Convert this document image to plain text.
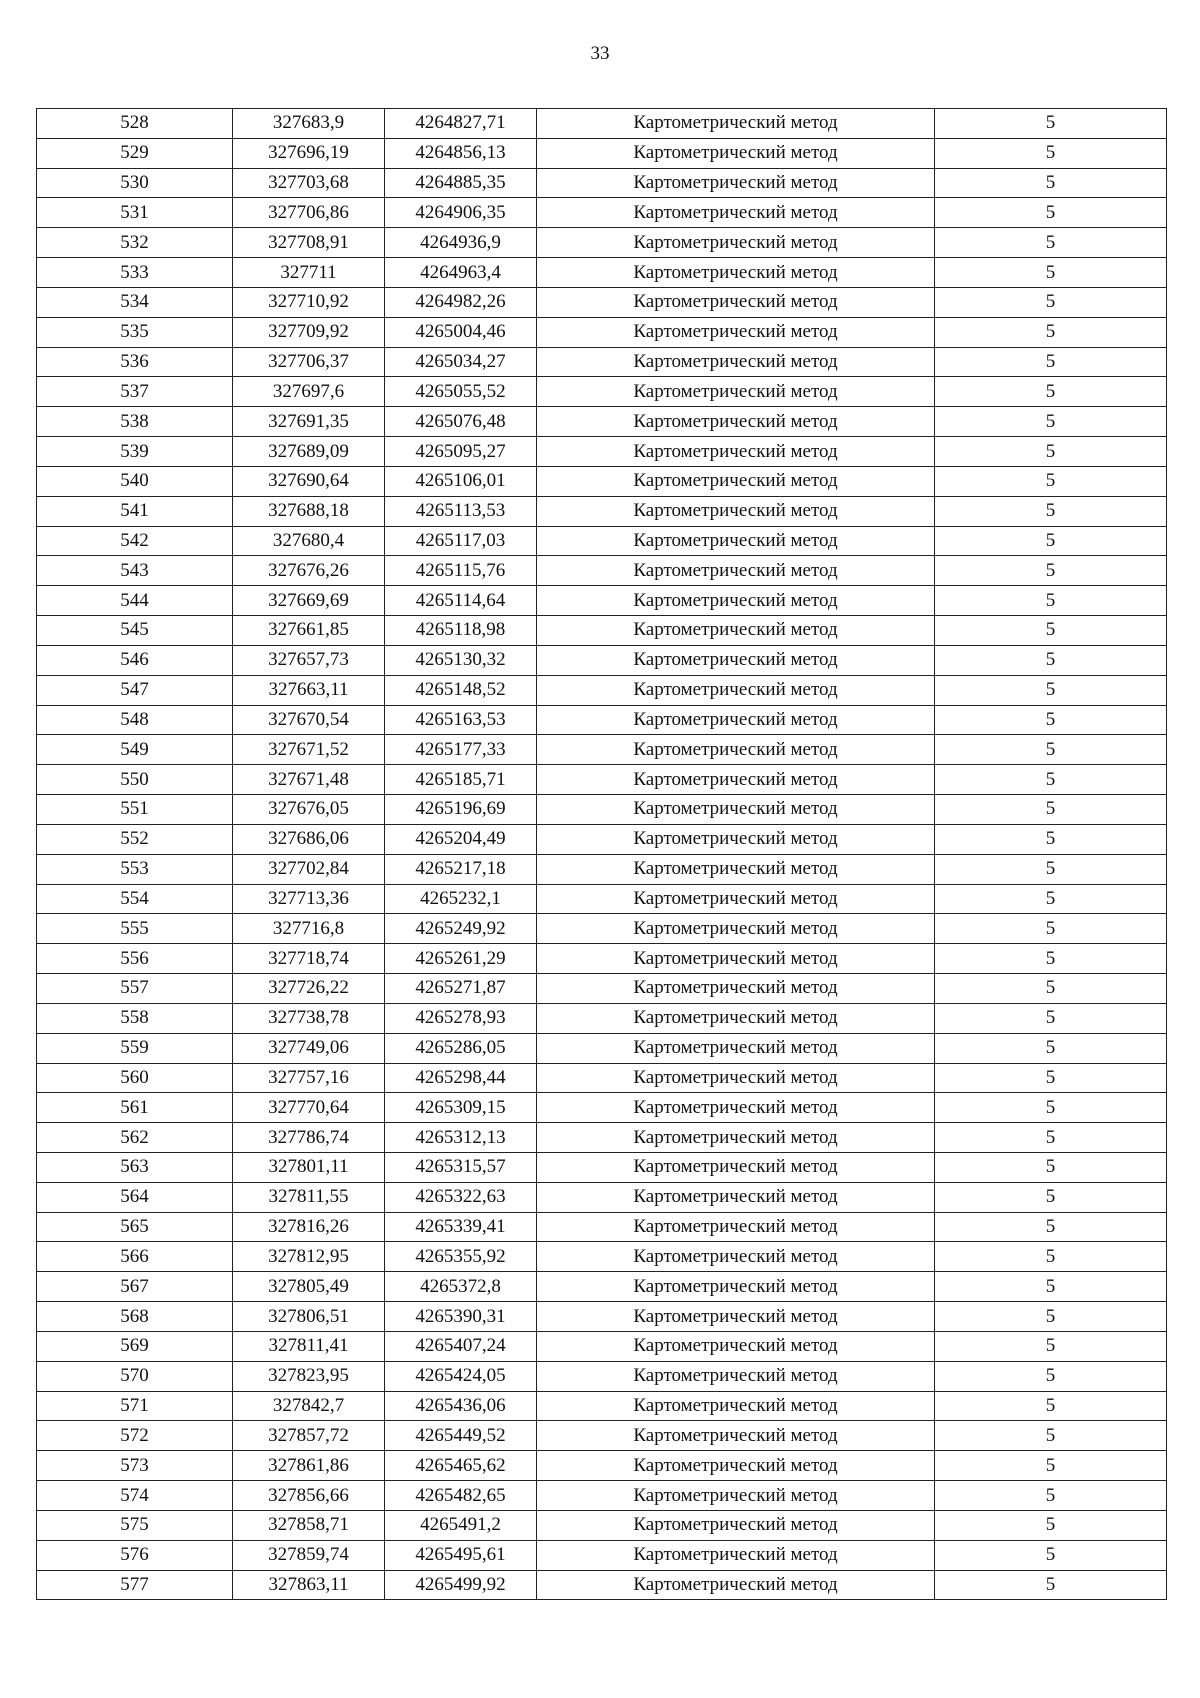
33
528	327683,9	4264827,71	Картометрический метод	5
529	327696,19	4264856,13	Картометрический метод	5
530	327703,68	4264885,35	Картометрический метод	5
531	327706,86	4264906,35	Картометрический метод	5
532	327708,91	4264936,9	Картометрический метод	5
533	327711	4264963,4	Картометрический метод	5
534	327710,92	4264982,26	Картометрический метод	5
535	327709,92	4265004,46	Картометрический метод	5
536	327706,37	4265034,27	Картометрический метод	5
537	327697,6	4265055,52	Картометрический метод	5
538	327691,35	4265076,48	Картометрический метод	5
539	327689,09	4265095,27	Картометрический метод	5
540	327690,64	4265106,01	Картометрический метод	5
541	327688,18	4265113,53	Картометрический метод	5
542	327680,4	4265117,03	Картометрический метод	5
543	327676,26	4265115,76	Картометрический метод	5
544	327669,69	4265114,64	Картометрический метод	5
545	327661,85	4265118,98	Картометрический метод	5
546	327657,73	4265130,32	Картометрический метод	5
547	327663,11	4265148,52	Картометрический метод	5
548	327670,54	4265163,53	Картометрический метод	5
549	327671,52	4265177,33	Картометрический метод	5
550	327671,48	4265185,71	Картометрический метод	5
551	327676,05	4265196,69	Картометрический метод	5
552	327686,06	4265204,49	Картометрический метод	5
553	327702,84	4265217,18	Картометрический метод	5
554	327713,36	4265232,1	Картометрический метод	5
555	327716,8	4265249,92	Картометрический метод	5
556	327718,74	4265261,29	Картометрический метод	5
557	327726,22	4265271,87	Картометрический метод	5
558	327738,78	4265278,93	Картометрический метод	5
559	327749,06	4265286,05	Картометрический метод	5
560	327757,16	4265298,44	Картометрический метод	5
561	327770,64	4265309,15	Картометрический метод	5
562	327786,74	4265312,13	Картометрический метод	5
563	327801,11	4265315,57	Картометрический метод	5
564	327811,55	4265322,63	Картометрический метод	5
565	327816,26	4265339,41	Картометрический метод	5
566	327812,95	4265355,92	Картометрический метод	5
567	327805,49	4265372,8	Картометрический метод	5
568	327806,51	4265390,31	Картометрический метод	5
569	327811,41	4265407,24	Картометрический метод	5
570	327823,95	4265424,05	Картометрический метод	5
571	327842,7	4265436,06	Картометрический метод	5
572	327857,72	4265449,52	Картометрический метод	5
573	327861,86	4265465,62	Картометрический метод	5
574	327856,66	4265482,65	Картометрический метод	5
575	327858,71	4265491,2	Картометрический метод	5
576	327859,74	4265495,61	Картометрический метод	5
577	327863,11	4265499,92	Картометрический метод	5
